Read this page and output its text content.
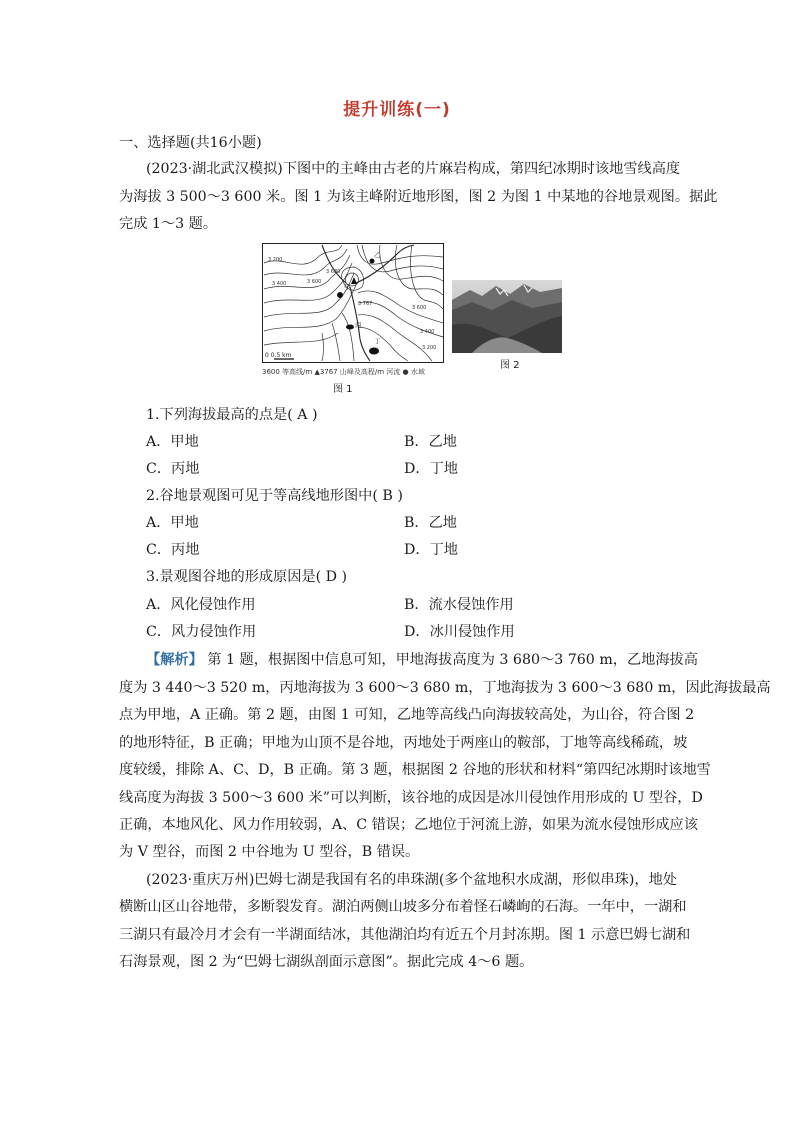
提升训练(一)
一、选择题(共16小题)
(2023·湖北武汉模拟)下图中的主峰由古老的片麻岩构成，第四纪冰期时该地雪线高度
为海拔 3 500～3 600 米。图 1 为该主峰附近地形图，图 2 为图 1 中某地的谷地景观图。据此
完成 1～3 题。
甲
乙
丙
丁
3 200
3 400	3 600
3 680
3 767
3 600
3 400
3 200
0 0.5 km
3600 等高线/m ▲3767 山峰及高程/m 河流 ● 水域
图 1
图 2
1.下列海拔最高的点是( A )
A．甲地	B．乙地
C．丙地	D．丁地
2.谷地景观图可见于等高线地形图中( B )
A．甲地	B．乙地
C．丙地	D．丁地
3.景观图谷地的形成原因是( D )
A．风化侵蚀作用	B．流水侵蚀作用
C．风力侵蚀作用	D．冰川侵蚀作用
【解析】 第 1 题，根据图中信息可知，甲地海拔高度为 3 680～3 760 m，乙地海拔高
度为 3 440～3 520 m，丙地海拔为 3 600～3 680 m，丁地海拔为 3 600～3 680 m，因此海拔最高
点为甲地，A 正确。第 2 题，由图 1 可知，乙地等高线凸向海拔较高处，为山谷，符合图 2
的地形特征，B 正确；甲地为山顶不是谷地，丙地处于两座山的鞍部，丁地等高线稀疏，坡
度较缓，排除 A、C、D，B 正确。第 3 题，根据图 2 谷地的形状和材料“第四纪冰期时该地雪
线高度为海拔 3 500～3 600 米”可以判断，该谷地的成因是冰川侵蚀作用形成的 U 型谷，D
正确，本地风化、风力作用较弱，A、C 错误；乙地位于河流上游，如果为流水侵蚀形成应该
为 V 型谷，而图 2 中谷地为 U 型谷，B 错误。
(2023·重庆万州)巴姆七湖是我国有名的串珠湖(多个盆地积水成湖，形似串珠)，地处
横断山区山谷地带，多断裂发育。湖泊两侧山坡多分布着怪石嶙峋的石海。一年中，一湖和
三湖只有最冷月才会有一半湖面结冰，其他湖泊均有近五个月封冻期。图 1 示意巴姆七湖和
石海景观，图 2 为“巴姆七湖纵剖面示意图”。据此完成 4～6 题。
